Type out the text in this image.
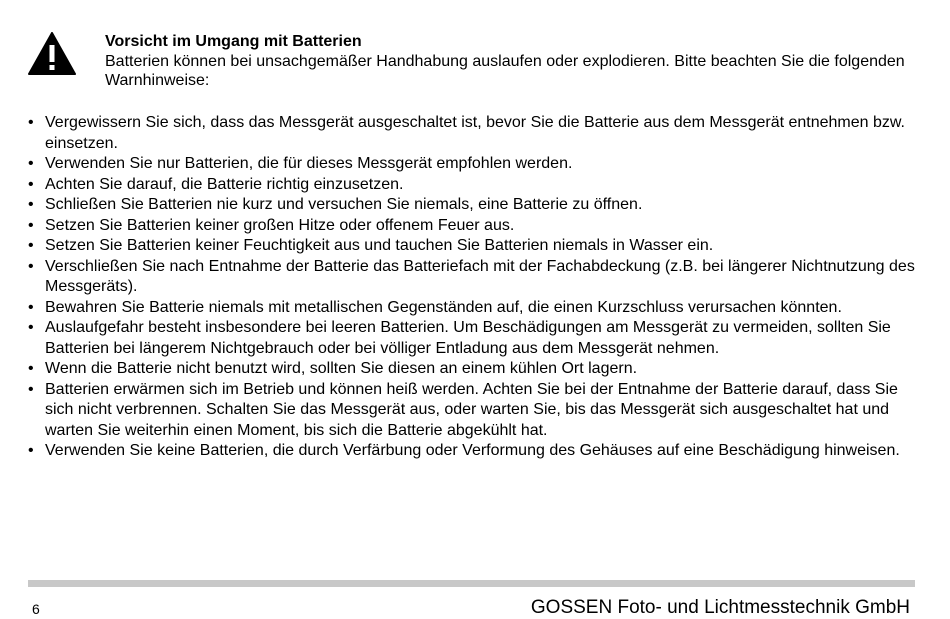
Vorsicht im Umgang mit Batterien
Batterien können bei unsachgemäßer Handhabung auslaufen oder explodieren. Bitte beachten Sie die folgenden Warnhinweise:
• Vergewissern Sie sich, dass das Messgerät ausgeschaltet ist, bevor Sie die Batterie aus dem Messgerät entnehmen bzw. einsetzen.
• Verwenden Sie nur Batterien, die für dieses Messgerät empfohlen werden.
• Achten Sie darauf, die Batterie richtig einzusetzen.
• Schließen Sie Batterien nie kurz und versuchen Sie niemals, eine Batterie zu öffnen.
• Setzen Sie Batterien keiner großen Hitze oder offenem Feuer aus.
• Setzen Sie Batterien keiner Feuchtigkeit aus und tauchen Sie Batterien niemals in Wasser ein.
• Verschließen Sie nach Entnahme der Batterie das Batteriefach mit der Fachabdeckung (z.B. bei längerer Nichtnutzung des Messgeräts).
• Bewahren Sie Batterie niemals mit metallischen Gegenständen auf, die einen Kurzschluss verursachen könnten.
• Auslaufgefahr besteht insbesondere bei leeren Batterien. Um Beschädigungen am Messgerät zu vermeiden, sollten Sie Batterien bei längerem Nichtgebrauch oder bei völliger Entladung aus dem Messgerät nehmen.
• Wenn die Batterie nicht benutzt wird, sollten Sie diesen an einem kühlen Ort lagern.
• Batterien erwärmen sich im Betrieb und können heiß werden. Achten Sie bei der Entnahme der Batterie darauf, dass Sie sich nicht verbrennen. Schalten Sie das Messgerät aus, oder warten Sie, bis das Messgerät sich ausgeschaltet hat und warten Sie weiterhin einen Moment, bis sich die Batterie abgekühlt hat.
• Verwenden Sie keine Batterien, die durch Verfärbung oder Verformung des Gehäuses auf eine Beschädigung hinweisen.
6	GOSSEN Foto- und Lichtmesstechnik GmbH
